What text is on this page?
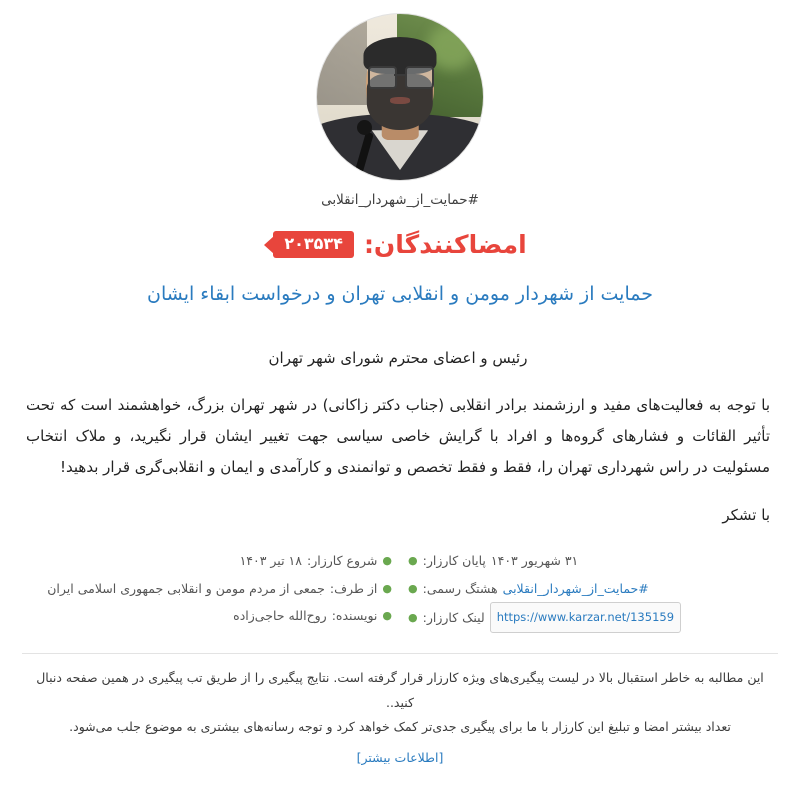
#حمایت_از_شهردار_انقلابی
امضاکنندگان:
۲۰۳۵۳۴
حمایت از شهردار مومن و انقلابی تهران و درخواست ابقاء ایشان
رئیس و اعضای محترم شورای شهر تهران

با توجه به فعالیت‌های مفید و ارزشمند برادر انقلابی (جناب دکتر زاکانی) در شهر تهران بزرگ، خواهشمند است که تحت تأثیر القائات و فشارهای گروه‌ها و افراد با گرایش خاصی سیاسی جهت تغییر ایشان قرار نگیرید، و ملاک انتخاب مسئولیت در راس شهرداری تهران را، فقط و فقط تخصص و توانمندی و کارآمدی و ایمان و انقلابی‌گری قرار بدهید!

با تشکر

۳۱ شهریور ۱۴۰۳
پایان کارزار:
●
#حمایت_از_شهردار_انقلابی
هشتگ رسمی:
●
https://www.karzar.net/135159
لینک کارزار:
●
●
شروع کارزار:
۱۸ تیر ۱۴۰۳
●
از طرف:
جمعی از مردم مومن و انقلابی جمهوری اسلامی ایران
●
نویسنده:
روح‌الله حاجی‌زاده
این مطالبه به خاطر استقبال بالا در لیست پیگیری‌های ویژه کارزار قرار گرفته است. نتایج پیگیری را از طریق تب پیگیری در همین صفحه دنبال کنید..
تعداد بیشتر امضا و تبلیغ این کارزار با ما برای پیگیری جدی‌تر کمک خواهد کرد و توجه رسانه‌های بیشتری به موضوع جلب می‌شود.
[اطلاعات بیشتر]
